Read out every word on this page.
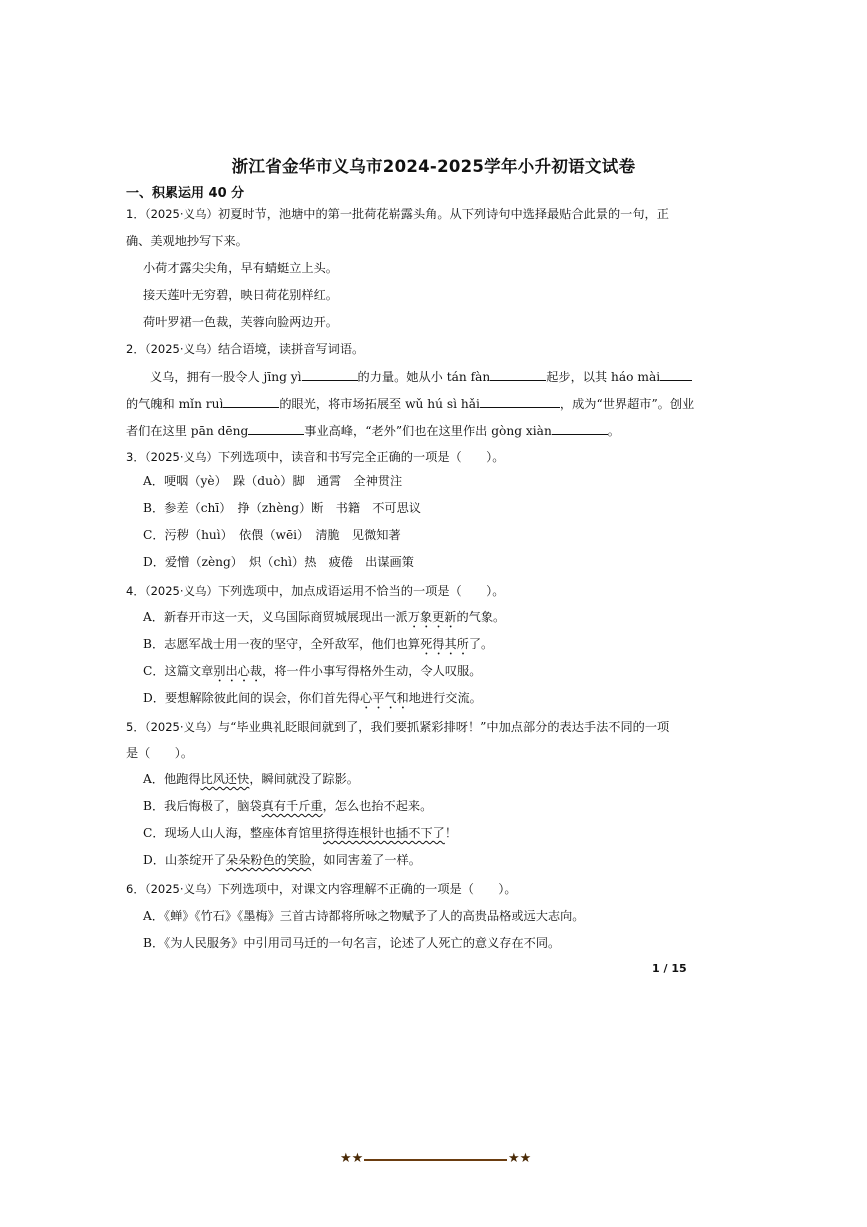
浙江省金华市义乌市2024-2025学年小升初语文试卷
一、积累运用 40 分
1．（2025·义乌）初夏时节，池塘中的第一批荷花崭露头角。从下列诗句中选择最贴合此景的一句，正
确、美观地抄写下来。
小荷才露尖尖角，早有蜻蜓立上头。
接天莲叶无穷碧，映日荷花别样红。
荷叶罗裙一色裁，芙蓉向脸两边开。
2．（2025·义乌）结合语境，读拼音写词语。
义乌，拥有一股令人 jīng yì	的力量。她从小 tán fàn	起步，以其 háo mài
的气魄和 mǐn ruì	的眼光，将市场拓展至 wǔ hú sì hǎi	，成为“世界超市”。创业
者们在这里 pān dēng	事业高峰，“老外”们也在这里作出 gòng xiàn	。
3．（2025·义乌）下列选项中，读音和书写完全正确的一项是（　　）。
A．哽咽（yè）　跺（duò）脚　通霄　全神贯注
B．参差（chī）　挣（zhèng）断　书籍　不可思议
C．污秽（huì）　依偎（wēi）　清脆　见微知著
D．爱憎（zèng）　炽（chì）热　疲倦　出谋画策
4．（2025·义乌）下列选项中，加点成语运用不恰当的一项是（　　）。
A．新春开市这一天，义乌国际商贸城展现出一派万象更新的气象。
B．志愿军战士用一夜的坚守，全歼敌军，他们也算死得其所了。
C．这篇文章别出心裁，将一件小事写得格外生动，令人叹服。
D．要想解除彼此间的误会，你们首先得心平气和地进行交流。
5．（2025·义乌）与“毕业典礼眨眼间就到了，我们要抓紧彩排呀！”中加点部分的表达手法不同的一项
是（　　）。
A．他跑得比风还快，瞬间就没了踪影。
B．我后悔极了，脑袋真有千斤重，怎么也抬不起来。
C．现场人山人海，整座体育馆里挤得连根针也插不下了！
D．山茶绽开了朵朵粉色的笑脸，如同害羞了一样。
6．（2025·义乌）下列选项中，对课文内容理解不正确的一项是（　　）。
A．《蝉》《竹石》《墨梅》三首古诗都将所咏之物赋予了人的高贵品格或远大志向。
B．《为人民服务》中引用司马迁的一句名言，论述了人死亡的意义存在不同。
1 / 15
★★	★★
